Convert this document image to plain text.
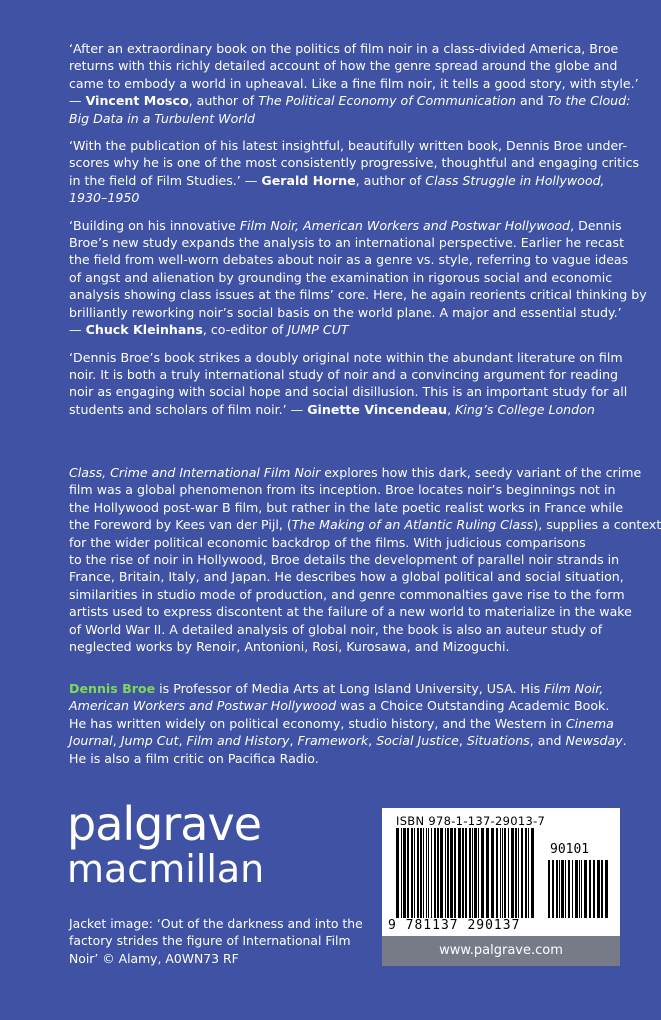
‘After an extraordinary book on the politics of film noir in a class-divided America, Broe
returns with this richly detailed account of how the genre spread around the globe and
came to embody a world in upheaval. Like a fine film noir, it tells a good story, with style.’
— Vincent Mosco, author of The Political Economy of Communication and To the Cloud:
Big Data in a Turbulent World
‘With the publication of his latest insightful, beautifully written book, Dennis Broe under-
scores why he is one of the most consistently progressive, thoughtful and engaging critics
in the field of Film Studies.’ — Gerald Horne, author of Class Struggle in Hollywood,
1930–1950
‘Building on his innovative Film Noir, American Workers and Postwar Hollywood, Dennis
Broe’s new study expands the analysis to an international perspective. Earlier he recast
the field from well-worn debates about noir as a genre vs. style, referring to vague ideas
of angst and alienation by grounding the examination in rigorous social and economic
analysis showing class issues at the films’ core. Here, he again reorients critical thinking by
brilliantly reworking noir’s social basis on the world plane. A major and essential study.’
— Chuck Kleinhans, co-editor of JUMP CUT
‘Dennis Broe’s book strikes a doubly original note within the abundant literature on film
noir. It is both a truly international study of noir and a convincing argument for reading
noir as engaging with social hope and social disillusion. This is an important study for all
students and scholars of film noir.’ — Ginette Vincendeau, King’s College London
Class, Crime and International Film Noir explores how this dark, seedy variant of the crime
film was a global phenomenon from its inception. Broe locates noir’s beginnings not in
the Hollywood post-war B film, but rather in the late poetic realist works in France while
the Foreword by Kees van der Pijl, (The Making of an Atlantic Ruling Class), supplies a context
for the wider political economic backdrop of the films. With judicious comparisons
to the rise of noir in Hollywood, Broe details the development of parallel noir strands in
France, Britain, Italy, and Japan. He describes how a global political and social situation,
similarities in studio mode of production, and genre commonalties gave rise to the form
artists used to express discontent at the failure of a new world to materialize in the wake
of World War II. A detailed analysis of global noir, the book is also an auteur study of
neglected works by Renoir, Antonioni, Rosi, Kurosawa, and Mizoguchi.
Dennis Broe is Professor of Media Arts at Long Island University, USA. His Film Noir,
American Workers and Postwar Hollywood was a Choice Outstanding Academic Book.
He has written widely on political economy, studio history, and the Western in Cinema
Journal, Jump Cut, Film and History, Framework, Social Justice, Situations, and Newsday.
He is also a film critic on Pacifica Radio.
palgrave
macmillan
Jacket image: ‘Out of the darkness and into the
factory strides the figure of International Film
Noir’ © Alamy, A0WN73 RF
ISBN 978-1-137-29013-7
90101
9 781137 290137
www.palgrave.com
